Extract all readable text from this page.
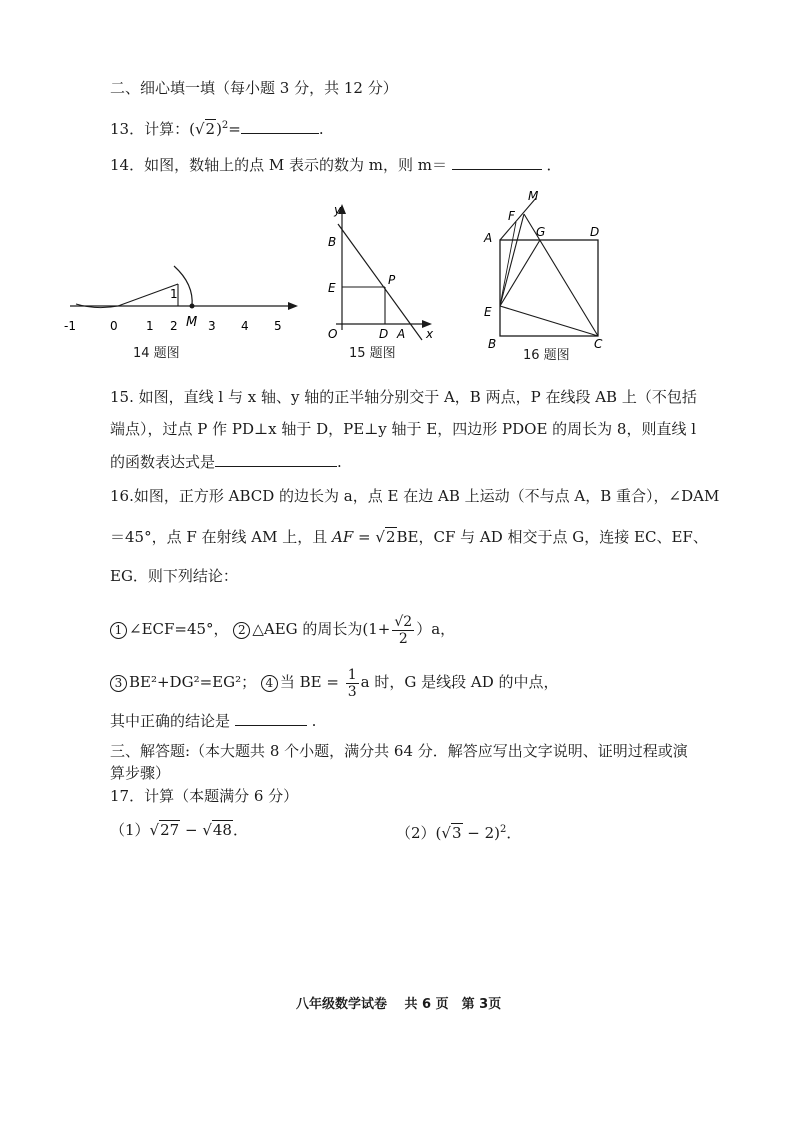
二、细心填一填（每小题 3 分，共 12 分）
13．计算：$(√2)^2=$	.
14．如图，数轴上的点 M 表示的数为 m，则 m＝	．
1
-1	0 1 2 M 3 4 5
14 题图
y
B
E
P
O	D A x
15 题图
M
F
A	G	D
E
B	C
16 题图
15. 如图，直线 l 与 x 轴、y 轴的正半轴分别交于 A，B 两点，P 在线段 AB 上（不包括
端点），过点 P 作 PD⊥x 轴于 D，PE⊥y 轴于 E，四边形 PDOE 的周长为 8，则直线 l
的函数表达式是	.
16.如图，正方形 ABCD 的边长为 a，点 E 在边 AB 上运动（不与点 A，B 重合），∠DAM
＝45°，点 F 在射线 AM 上，且 AF = √2BE，CF 与 AD 相交于点 G，连接 EC、EF、
EG．则下列结论：
1 ∠ECF=45°， 2 △AEG 的周长为$(1+ \frac{√2}{2} )a$，
3 BE²+DG²=EG²； 4 当 BE = $\frac{1}{3}$ a 时，G 是线段 AD 的中点，
其中正确的结论是	.
三、解答题:（本大题共 8 个小题，满分共 64 分．解答应写出文字说明、证明过程或演
算步骤）
17．计算（本题满分 6 分）
（1）√27 − √48．	$(2)(√3 - 2)^2$．
八年级数学试卷　 共 6 页　第 3页
